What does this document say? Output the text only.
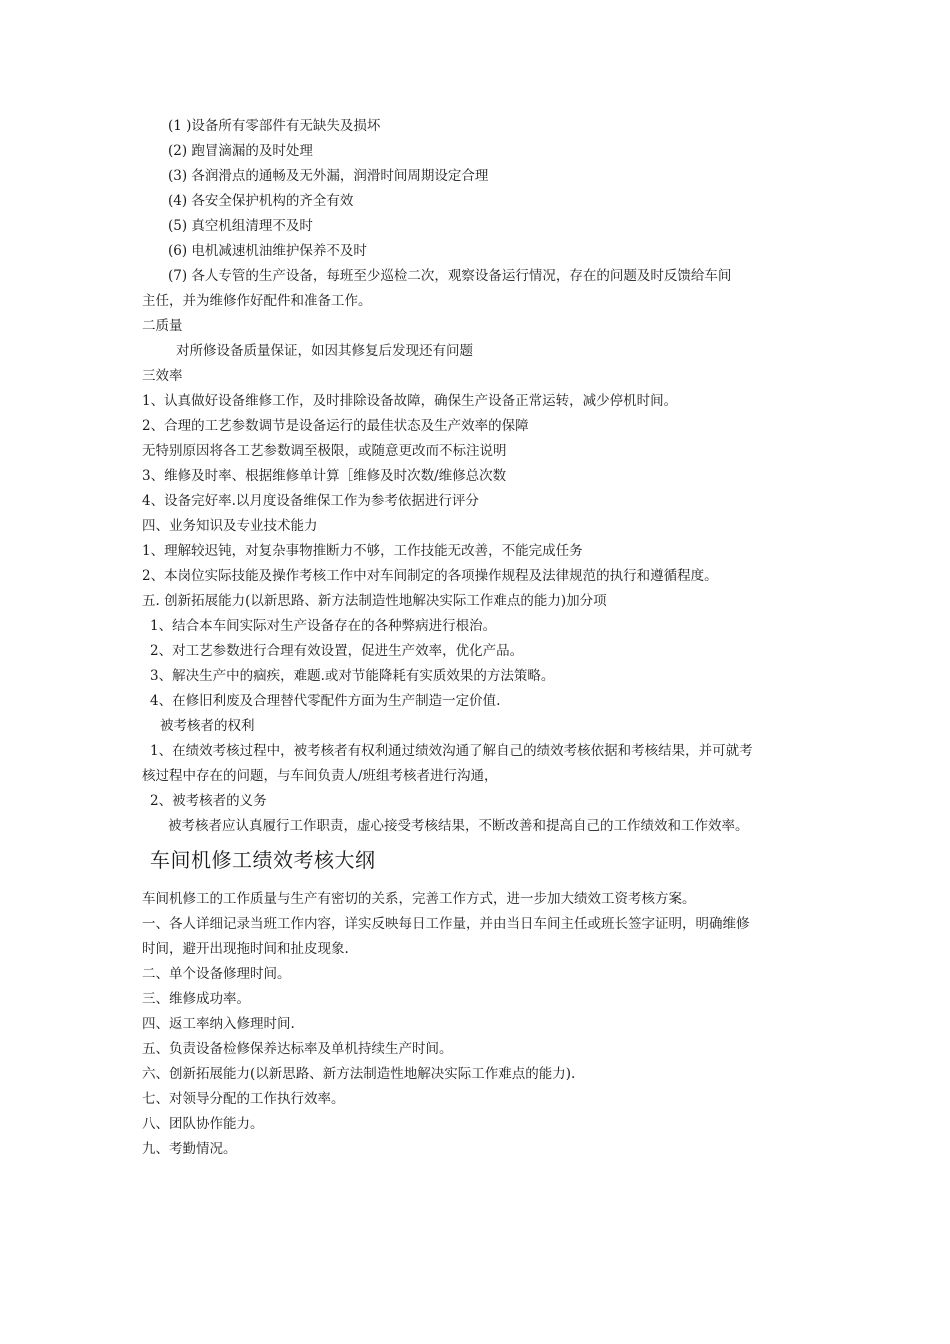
(1 )设备所有零部件有无缺失及损坏
(2) 跑冒滴漏的及时处理
(3) 各润滑点的通畅及无外漏，润滑时间周期设定合理
(4) 各安全保护机构的齐全有效
(5) 真空机组清理不及时
(6) 电机减速机油维护保养不及时
(7) 各人专管的生产设备，每班至少巡检二次，观察设备运行情况，存在的问题及时反馈给车间
主任，并为维修作好配件和准备工作。
二质量
对所修设备质量保证，如因其修复后发现还有问题
三效率
1、认真做好设备维修工作，及时排除设备故障，确保生产设备正常运转，减少停机时间。
2、合理的工艺参数调节是设备运行的最佳状态及生产效率的保障
无特别原因将各工艺参数调至极限，或随意更改而不标注说明
3、维修及时率、根据维修单计算［维修及时次数/维修总次数
4、设备完好率.以月度设备维保工作为参考依据进行评分
四、业务知识及专业技术能力
1、理解较迟钝，对复杂事物推断力不够，工作技能无改善，不能完成任务
2、本岗位实际技能及操作考核工作中对车间制定的各项操作规程及法律规范的执行和遵循程度。
五. 创新拓展能力(以新思路、新方法制造性地解决实际工作难点的能力)加分项
1、结合本车间实际对生产设备存在的各种弊病进行根治。
2、对工艺参数进行合理有效设置，促进生产效率，优化产品。
3、解决生产中的痼疾，难题.或对节能降耗有实质效果的方法策略。
4、在修旧利废及合理替代零配件方面为生产制造一定价值.
被考核者的权利
1、在绩效考核过程中，被考核者有权利通过绩效沟通了解自己的绩效考核依据和考核结果，并可就考
核过程中存在的问题，与车间负责人/班组考核者进行沟通，
2、被考核者的义务
被考核者应认真履行工作职责，虚心接受考核结果，不断改善和提高自己的工作绩效和工作效率。
车间机修工绩效考核大纲
车间机修工的工作质量与生产有密切的关系，完善工作方式，进一步加大绩效工资考核方案。
一、各人详细记录当班工作内容，详实反映每日工作量，并由当日车间主任或班长签字证明，明确维修
时间，避开出现拖时间和扯皮现象.
二、单个设备修理时间。
三、维修成功率。
四、返工率纳入修理时间.
五、负责设备检修保养达标率及单机持续生产时间。
六、创新拓展能力(以新思路、新方法制造性地解决实际工作难点的能力).
七、对领导分配的工作执行效率。
八、团队协作能力。
九、考勤情况。
